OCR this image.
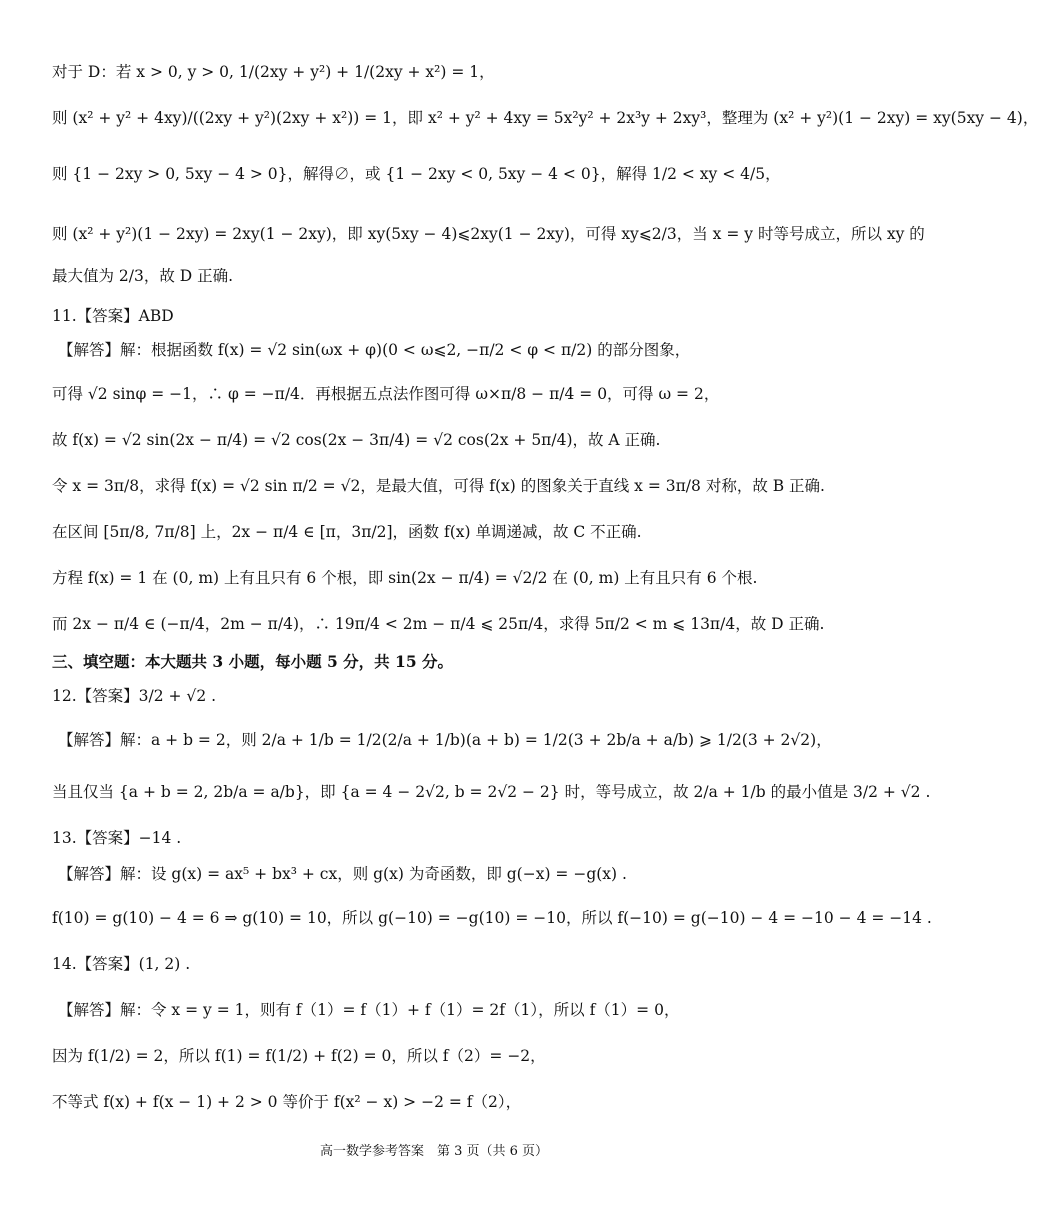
对于 D：若 x > 0, y > 0, 1/(2xy + y²) + 1/(2xy + x²) = 1，
则 (x² + y² + 4xy)/((2xy + y²)(2xy + x²)) = 1，即 x² + y² + 4xy = 5x²y² + 2x³y + 2xy³，整理为 (x² + y²)(1 − 2xy) = xy(5xy − 4)，
则 {1 − 2xy > 0, 5xy − 4 > 0}，解得∅，或 {1 − 2xy < 0, 5xy − 4 < 0}，解得 1/2 < xy < 4/5，
则 (x² + y²)(1 − 2xy) = 2xy(1 − 2xy)，即 xy(5xy − 4)⩽2xy(1 − 2xy)，可得 xy⩽2/3，当 x = y 时等号成立，所以 xy 的
最大值为 2/3，故 D 正确.
11.【答案】ABD
【解答】解：根据函数 f(x) = √2 sin(ωx + φ)(0 < ω⩽2, −π/2 < φ < π/2) 的部分图象，
可得 √2 sinφ = −1，∴ φ = −π/4．再根据五点法作图可得 ω×π/8 − π/4 = 0，可得 ω = 2，
故 f(x) = √2 sin(2x − π/4) = √2 cos(2x − 3π/4) = √2 cos(2x + 5π/4)，故 A 正确.
令 x = 3π/8，求得 f(x) = √2 sin π/2 = √2，是最大值，可得 f(x) 的图象关于直线 x = 3π/8 对称，故 B 正确.
在区间 [5π/8, 7π/8] 上，2x − π/4 ∈ [π，3π/2]，函数 f(x) 单调递减，故 C 不正确.
方程 f(x) = 1 在 (0, m) 上有且只有 6 个根，即 sin(2x − π/4) = √2/2 在 (0, m) 上有且只有 6 个根.
而 2x − π/4 ∈ (−π/4，2m − π/4)，∴ 19π/4 < 2m − π/4 ⩽ 25π/4，求得 5π/2 < m ⩽ 13π/4，故 D 正确.
三、填空题：本大题共 3 小题，每小题 5 分，共 15 分。
12.【答案】3/2 + √2 .
【解答】解：a + b = 2，则 2/a + 1/b = 1/2(2/a + 1/b)(a + b) = 1/2(3 + 2b/a + a/b) ⩾ 1/2(3 + 2√2)，
当且仅当 {a + b = 2, 2b/a = a/b}，即 {a = 4 − 2√2, b = 2√2 − 2} 时，等号成立，故 2/a + 1/b 的最小值是 3/2 + √2 .
13.【答案】−14 .
【解答】解：设 g(x) = ax⁵ + bx³ + cx，则 g(x) 为奇函数，即 g(−x) = −g(x) .
f(10) = g(10) − 4 = 6 ⇒ g(10) = 10，所以 g(−10) = −g(10) = −10，所以 f(−10) = g(−10) − 4 = −10 − 4 = −14 .
14.【答案】(1, 2) .
【解答】解：令 x = y = 1，则有 f（1）= f（1）+ f（1）= 2f（1），所以 f（1）= 0，
因为 f(1/2) = 2，所以 f(1) = f(1/2) + f(2) = 0，所以 f（2）= −2，
不等式 f(x) + f(x − 1) + 2 > 0 等价于 f(x² − x) > −2 = f（2），
高一数学参考答案　第 3 页（共 6 页）
